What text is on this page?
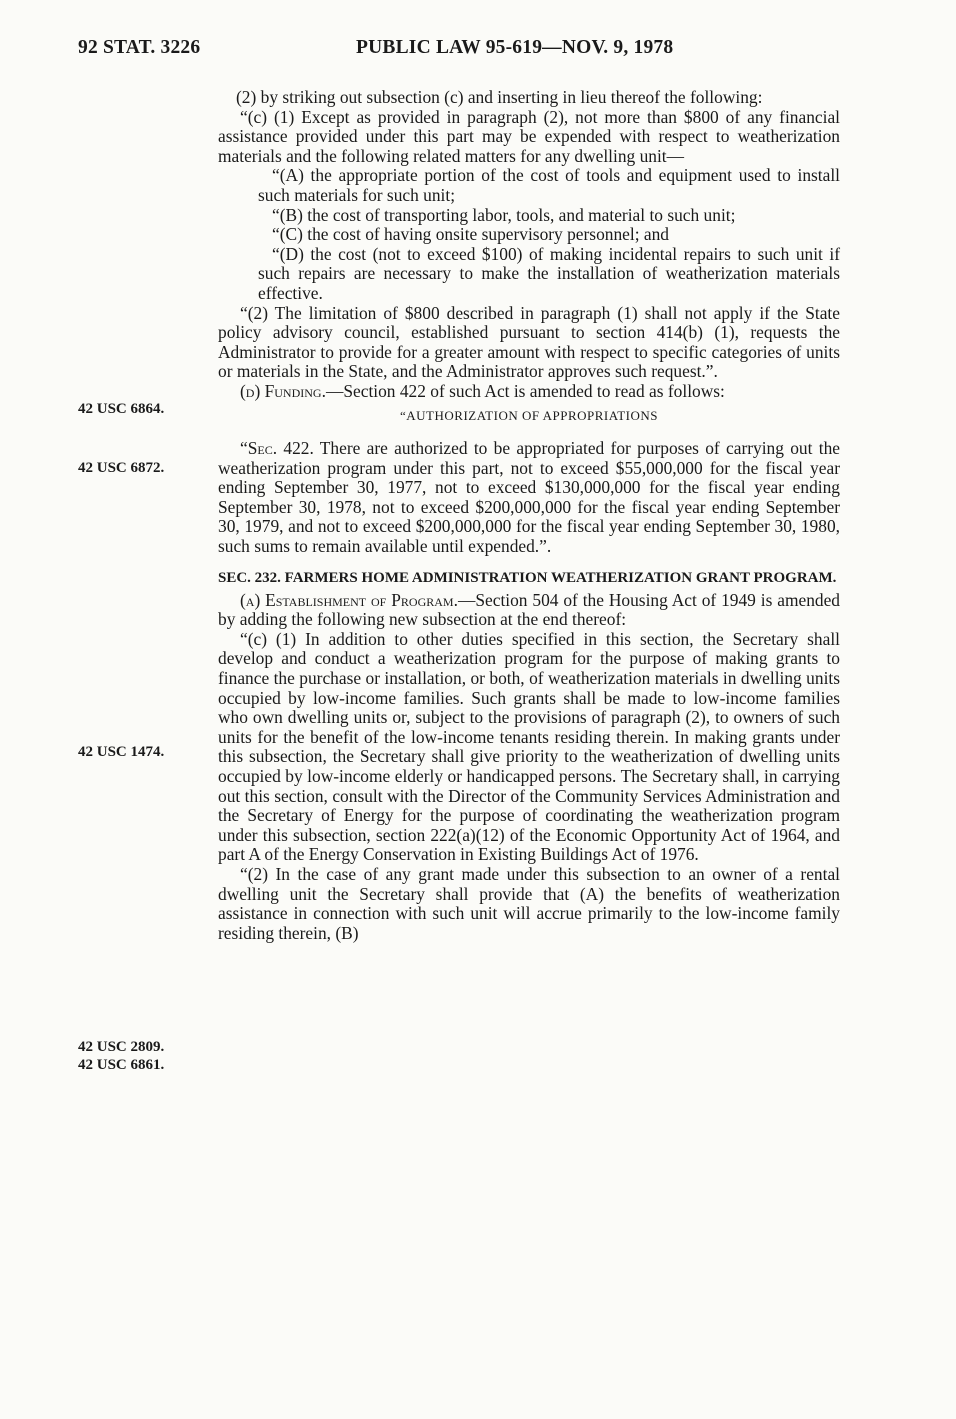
92 STAT. 3226	PUBLIC LAW 95-619—NOV. 9, 1978
42 USC 6864.
42 USC 6872.
42 USC 1474.
42 USC 2809.
42 USC 6861.

(2) by striking out subsection (c) and inserting in lieu thereof the following:

“(c) (1) Except as provided in paragraph (2), not more than $800 of any financial assistance provided under this part may be expended with respect to weatherization materials and the following related matters for any dwelling unit—

“(A) the appropriate portion of the cost of tools and equipment used to install such materials for such unit;

“(B) the cost of transporting labor, tools, and material to such unit;

“(C) the cost of having onsite supervisory personnel; and

“(D) the cost (not to exceed $100) of making incidental repairs to such unit if such repairs are necessary to make the installation of weatherization materials effective.

“(2) The limitation of $800 described in paragraph (1) shall not apply if the State policy advisory council, established pursuant to section 414(b) (1), requests the Administrator to provide for a greater amount with respect to specific categories of units or materials in the State, and the Administrator approves such request.”.

(d) Funding.—Section 422 of such Act is amended to read as follows:

“AUTHORIZATION OF APPROPRIATIONS

“Sec. 422. There are authorized to be appropriated for purposes of carrying out the weatherization program under this part, not to exceed $55,000,000 for the fiscal year ending September 30, 1977, not to exceed $130,000,000 for the fiscal year ending September 30, 1978, not to exceed $200,000,000 for the fiscal year ending September 30, 1979, and not to exceed $200,000,000 for the fiscal year ending September 30, 1980, such sums to remain available until expended.”.

SEC. 232. FARMERS HOME ADMINISTRATION WEATHERIZATION GRANT PROGRAM.

(a) Establishment of Program.—Section 504 of the Housing Act of 1949 is amended by adding the following new subsection at the end thereof:

“(c) (1) In addition to other duties specified in this section, the Secretary shall develop and conduct a weatherization program for the purpose of making grants to finance the purchase or installation, or both, of weatherization materials in dwelling units occupied by low-income families. Such grants shall be made to low-income families who own dwelling units or, subject to the provisions of paragraph (2), to owners of such units for the benefit of the low-income tenants residing therein. In making grants under this subsection, the Secretary shall give priority to the weatherization of dwelling units occupied by low-income elderly or handicapped persons. The Secretary shall, in carrying out this section, consult with the Director of the Community Services Administration and the Secretary of Energy for the purpose of coordinating the weatherization program under this subsection, section 222(a)(12) of the Economic Opportunity Act of 1964, and part A of the Energy Conservation in Existing Buildings Act of 1976.

“(2) In the case of any grant made under this subsection to an owner of a rental dwelling unit the Secretary shall provide that (A) the benefits of weatherization assistance in connection with such unit will accrue primarily to the low-income family residing therein, (B)
